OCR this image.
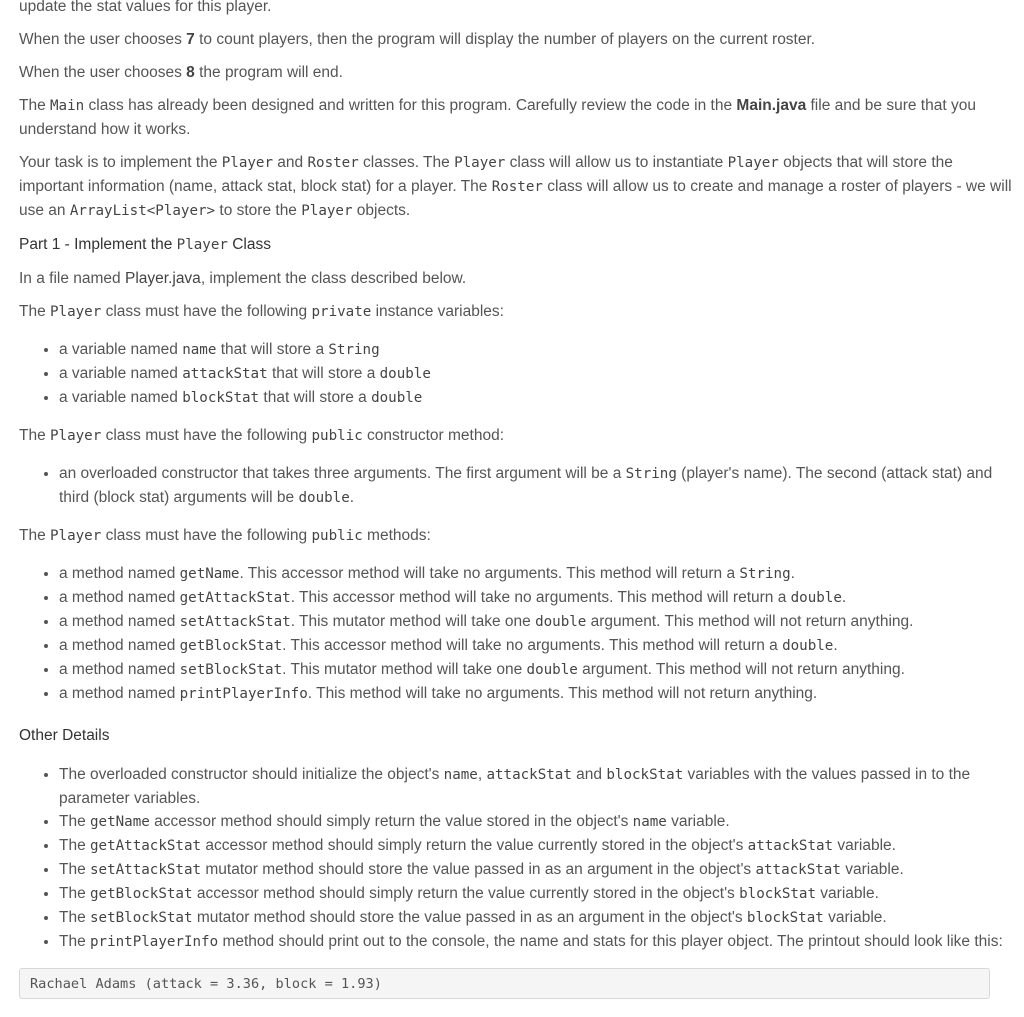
update the stat values for this player.

When the user chooses 7 to count players, then the program will display the number of players on the current roster.

When the user chooses 8 the program will end.

The Main class has already been designed and written for this program. Carefully review the code in the Main.java file and be sure that you understand how it works.

Your task is to implement the Player and Roster classes. The Player class will allow us to instantiate Player objects that will store the important information (name, attack stat, block stat) for a player. The Roster class will allow us to create and manage a roster of players - we will use an ArrayList<Player> to store the Player objects.

Part 1 - Implement the Player Class

In a file named Player.java, implement the class described below.

The Player class must have the following private instance variables:

• a variable named name that will store a String
• a variable named attackStat that will store a double
• a variable named blockStat that will store a double

The Player class must have the following public constructor method:

• an overloaded constructor that takes three arguments. The first argument will be a String (player's name). The second (attack stat) and third (block stat) arguments will be double.

The Player class must have the following public methods:

• a method named getName. This accessor method will take no arguments. This method will return a String.
• a method named getAttackStat. This accessor method will take no arguments. This method will return a double.
• a method named setAttackStat. This mutator method will take one double argument. This method will not return anything.
• a method named getBlockStat. This accessor method will take no arguments. This method will return a double.
• a method named setBlockStat. This mutator method will take one double argument. This method will not return anything.
• a method named printPlayerInfo. This method will take no arguments. This method will not return anything.

Other Details

• The overloaded constructor should initialize the object's name, attackStat and blockStat variables with the values passed in to the parameter variables.
• The getName accessor method should simply return the value stored in the object's name variable.
• The getAttackStat accessor method should simply return the value currently stored in the object's attackStat variable.
• The setAttackStat mutator method should store the value passed in as an argument in the object's attackStat variable.
• The getBlockStat accessor method should simply return the value currently stored in the object's blockStat variable.
• The setBlockStat mutator method should store the value passed in as an argument in the object's blockStat variable.
• The printPlayerInfo method should print out to the console, the name and stats for this player object. The printout should look like this:
Rachael Adams (attack = 3.36, block = 1.93)
